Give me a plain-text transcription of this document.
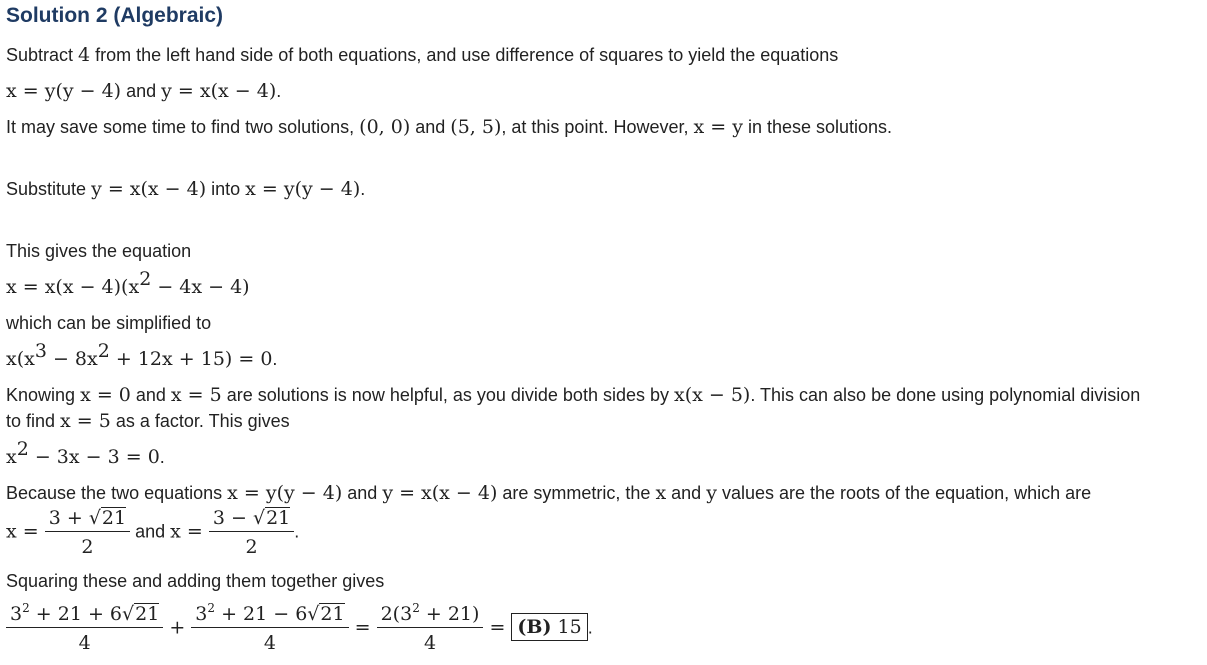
Solution 2 (Algebraic)
Subtract 4 from the left hand side of both equations, and use difference of squares to yield the equations
x = y(y − 4) and y = x(x − 4).
It may save some time to find two solutions, (0, 0) and (5, 5), at this point. However, x = y in these solutions.
Substitute y = x(x − 4) into x = y(y − 4).
This gives the equation
$x = x(x - 4)(x^2 - 4x - 4)$
which can be simplified to
$x(x^3 - 8x^2 + 12x + 15) = 0$.
Knowing x = 0 and x = 5 are solutions is now helpful, as you divide both sides by x(x − 5). This can also be done using polynomial division
to find x = 5 as a factor. This gives
$x^2 - 3x - 3 = 0$.
Because the two equations x = y(y − 4) and y = x(x − 4) are symmetric, the x and y values are the roots of the equation, which are
$x = \frac{3 + √21}{2}$ and $x = \frac{3 - √21}{2}$ .
Squaring these and adding them together gives
$\frac{3^2 + 21 + 6√21}{4} + \frac{3^2 + 21 - 6√21}{4} = \frac{2(3^2 + 21)}{4} = (B)$ 15 .
